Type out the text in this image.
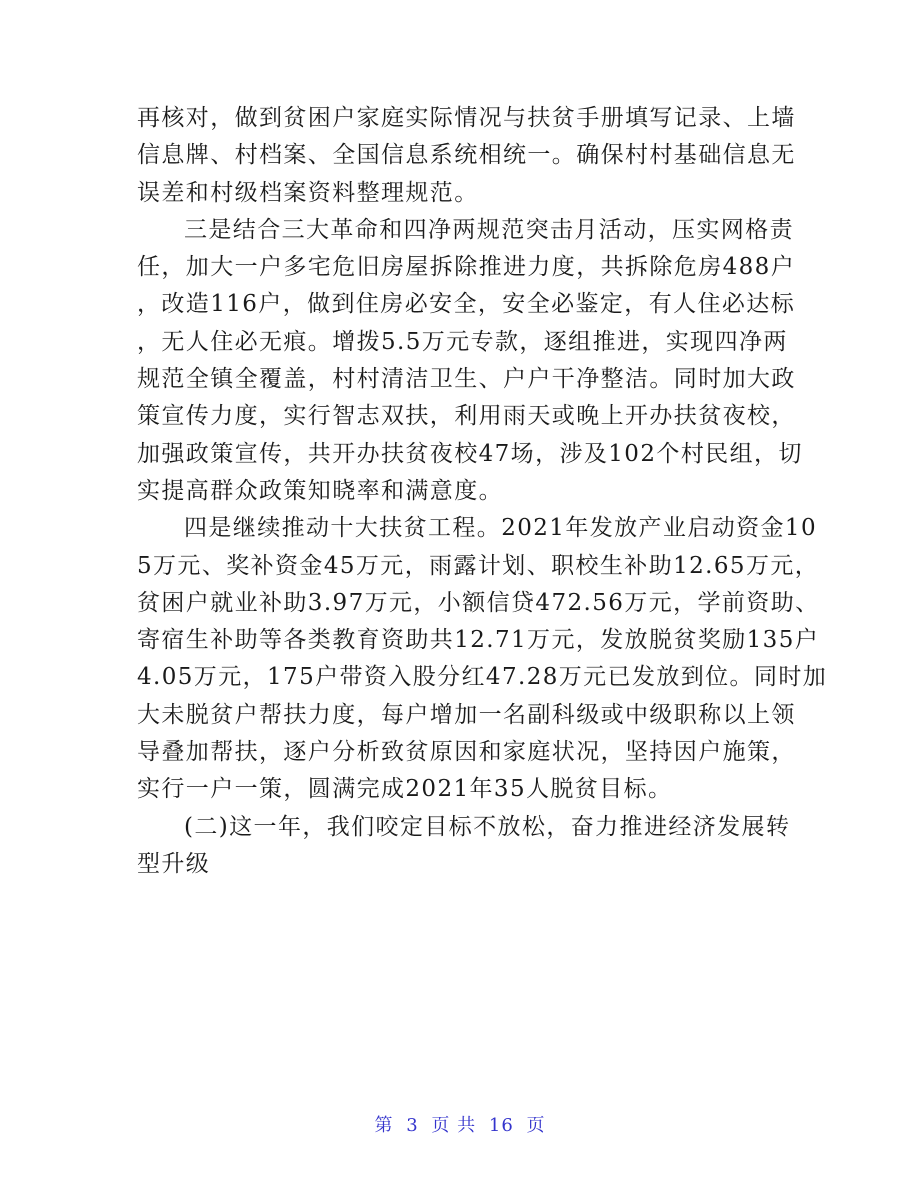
再核对，做到贫困户家庭实际情况与扶贫手册填写记录、上墙
信息牌、村档案、全国信息系统相统一。确保村村基础信息无
误差和村级档案资料整理规范。
三是结合三大革命和四净两规范突击月活动，压实网格责
任，加大一户多宅危旧房屋拆除推进力度，共拆除危房488户
，改造116户，做到住房必安全，安全必鉴定，有人住必达标
，无人住必无痕。增拨5.5万元专款，逐组推进，实现四净两
规范全镇全覆盖，村村清洁卫生、户户干净整洁。同时加大政
策宣传力度，实行智志双扶，利用雨天或晚上开办扶贫夜校，
加强政策宣传，共开办扶贫夜校47场，涉及102个村民组，切
实提高群众政策知晓率和满意度。
四是继续推动十大扶贫工程。2021年发放产业启动资金10
5万元、奖补资金45万元，雨露计划、职校生补助12.65万元，
贫困户就业补助3.97万元，小额信贷472.56万元，学前资助、
寄宿生补助等各类教育资助共12.71万元，发放脱贫奖励135户
4.05万元，175户带资入股分红47.28万元已发放到位。同时加
大未脱贫户帮扶力度，每户增加一名副科级或中级职称以上领
导叠加帮扶，逐户分析致贫原因和家庭状况，坚持因户施策，
实行一户一策，圆满完成2021年35人脱贫目标。
(二)这一年，我们咬定目标不放松，奋力推进经济发展转
型升级
第 3 页 共 16 页
